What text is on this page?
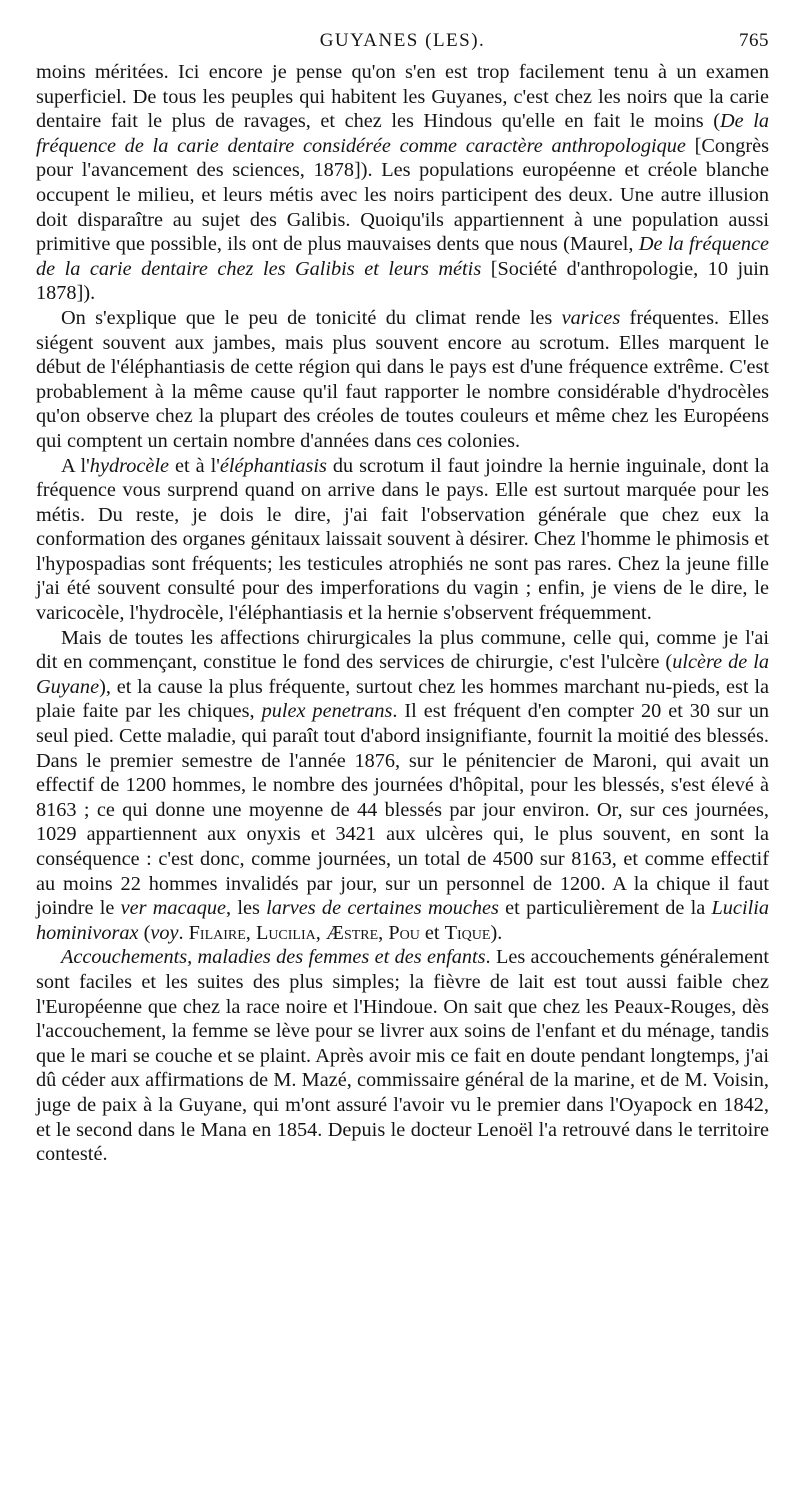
GUYANES (LES).	765

moins méritées. Ici encore je pense qu'on s'en est trop facilement tenu à un examen superficiel. De tous les peuples qui habitent les Guyanes, c'est chez les noirs que la carie dentaire fait le plus de ravages, et chez les Hindous qu'elle en fait le moins (De la fréquence de la carie dentaire considérée comme caractère anthropologique [Congrès pour l'avancement des sciences, 1878]). Les populations européenne et créole blanche occupent le milieu, et leurs métis avec les noirs participent des deux. Une autre illusion doit disparaître au sujet des Galibis. Quoiqu'ils appartiennent à une population aussi primitive que possible, ils ont de plus mauvaises dents que nous (Maurel, De la fréquence de la carie dentaire chez les Galibis et leurs métis [Société d'anthropologie, 10 juin 1878]).

On s'explique que le peu de tonicité du climat rende les varices fréquentes. Elles siégent souvent aux jambes, mais plus souvent encore au scrotum. Elles marquent le début de l'éléphantiasis de cette région qui dans le pays est d'une fréquence extrême. C'est probablement à la même cause qu'il faut rapporter le nombre considérable d'hydrocèles qu'on observe chez la plupart des créoles de toutes couleurs et même chez les Européens qui comptent un certain nombre d'années dans ces colonies.

A l'hydrocèle et à l'éléphantiasis du scrotum il faut joindre la hernie inguinale, dont la fréquence vous surprend quand on arrive dans le pays. Elle est surtout marquée pour les métis. Du reste, je dois le dire, j'ai fait l'observation générale que chez eux la conformation des organes génitaux laissait souvent à désirer. Chez l'homme le phimosis et l'hypospadias sont fréquents; les testicules atrophiés ne sont pas rares. Chez la jeune fille j'ai été souvent consulté pour des imperforations du vagin ; enfin, je viens de le dire, le varicocèle, l'hydrocèle, l'éléphantiasis et la hernie s'observent fréquemment.

Mais de toutes les affections chirurgicales la plus commune, celle qui, comme je l'ai dit en commençant, constitue le fond des services de chirurgie, c'est l'ulcère (ulcère de la Guyane), et la cause la plus fréquente, surtout chez les hommes marchant nu-pieds, est la plaie faite par les chiques, pulex penetrans. Il est fréquent d'en compter 20 et 30 sur un seul pied. Cette maladie, qui paraît tout d'abord insignifiante, fournit la moitié des blessés. Dans le premier semestre de l'année 1876, sur le pénitencier de Maroni, qui avait un effectif de 1200 hommes, le nombre des journées d'hôpital, pour les blessés, s'est élevé à 8163 ; ce qui donne une moyenne de 44 blessés par jour environ. Or, sur ces journées, 1029 appartiennent aux onyxis et 3421 aux ulcères qui, le plus souvent, en sont la conséquence : c'est donc, comme journées, un total de 4500 sur 8163, et comme effectif au moins 22 hommes invalidés par jour, sur un personnel de 1200. A la chique il faut joindre le ver macaque, les larves de certaines mouches et particulièrement de la Lucilia hominivorax (voy. Filaire, Lucilia, Æstre, Pou et Tique).

Accouchements, maladies des femmes et des enfants. Les accouchements généralement sont faciles et les suites des plus simples; la fièvre de lait est tout aussi faible chez l'Européenne que chez la race noire et l'Hindoue. On sait que chez les Peaux-Rouges, dès l'accouchement, la femme se lève pour se livrer aux soins de l'enfant et du ménage, tandis que le mari se couche et se plaint. Après avoir mis ce fait en doute pendant longtemps, j'ai dû céder aux affirmations de M. Mazé, commissaire général de la marine, et de M. Voisin, juge de paix à la Guyane, qui m'ont assuré l'avoir vu le premier dans l'Oyapock en 1842, et le second dans le Mana en 1854. Depuis le docteur Lenoël l'a retrouvé dans le territoire contesté.
